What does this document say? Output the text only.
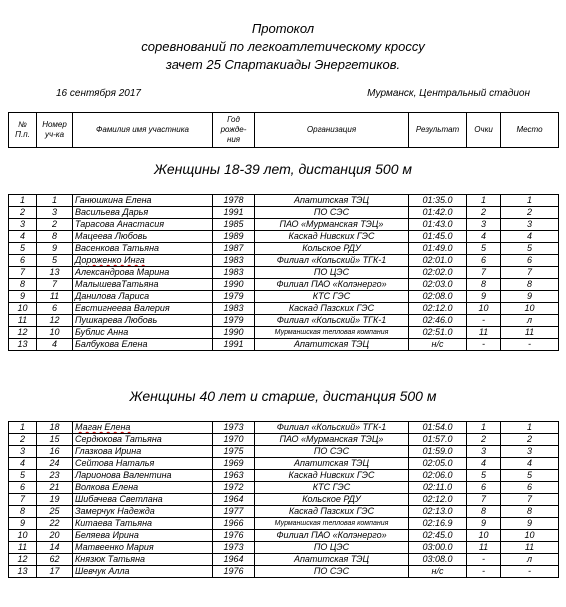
Протокол
соревнований по легкоатлетическому кроссу
зачет 25 Спартакиады Энергетиков.
16 сентября 2017	Мурманск, Центральный стадион
№ П.п.	Номер уч-ка	Фамилия имя участника	Год рожде-ния	Организация	Результат	Очки	Место
Женщины 18-39 лет, дистанция 500 м
1	1	Ганюшкина Елена	1978	Апатитская ТЭЦ	01:35.0	1	1
2	3	Васильева Дарья	1991	ПО СЭС	01:42.0	2	2
3	2	Тарасова Анастасия	1985	ПАО «Мурманская ТЭЦ»	01:43.0	3	3
4	8	Мацеева Любовь	1989	Каскад Нивских ГЭС	01:45.0	4	4
5	9	Васенкова Татьяна	1987	Кольское РДУ	01:49.0	5	5
6	5	Дороженко Инга	1983	Филиал «Кольский» ТГК-1	02:01.0	6	6
7	13	Александрова Марина	1983	ПО ЦЭС	02:02.0	7	7
8	7	МалышеваТатьяна	1990	Филиал ПАО «Колэнерго»	02:03.0	8	8
9	11	Данилова Лариса	1979	КТС ГЭС	02:08.0	9	9
10	6	Евстигнеева Валерия	1983	Каскад Пазских ГЭС	02:12.0	10	10
11	12	Пушкарева Любовь	1979	Филиал «Кольский» ТГК-1	02:46.0	-	л
12	10	Бублис Анна	1990	Мурманшская тепловая компания	02:51.0	11	11
13	4	Балбукова Елена	1991	Апатитская ТЭЦ	н/с	-	-
Женщины 40 лет и старше, дистанция 500 м
1	18	Маган Елена	1973	Филиал «Кольский» ТГК-1	01:54.0	1	1
2	15	Сердюкова Татьяна	1970	ПАО «Мурманская ТЭЦ»	01:57.0	2	2
3	16	Глазкова Ирина	1975	ПО СЭС	01:59.0	3	3
4	24	Сейтова Наталья	1969	Апатитская ТЭЦ	02:05.0	4	4
5	23	Ларионова Валентина	1963	Каскад Нивских ГЭС	02:06.0	5	5
6	21	Волкова Елена	1972	КТС ГЭС	02:11.0	6	6
7	19	Шибачева Светлана	1964	Кольское РДУ	02:12.0	7	7
8	25	Замерчук Надежда	1977	Каскад Пазских ГЭС	02:13.0	8	8
9	22	Китаева Татьяна	1966	Мурманшская тепловая компания	02:16.9	9	9
10	20	Беляева Ирина	1976	Филиал ПАО «Колэнерго»	02:45.0	10	10
11	14	Матвеенко Мария	1973	ПО ЦЭС	03:00.0	11	11
12	62	Князюк Татьяна	1964	Апатитская ТЭЦ	03:08.0	-	л
13	17	Шевчук Алла	1976	ПО СЭС	н/с	-	-
